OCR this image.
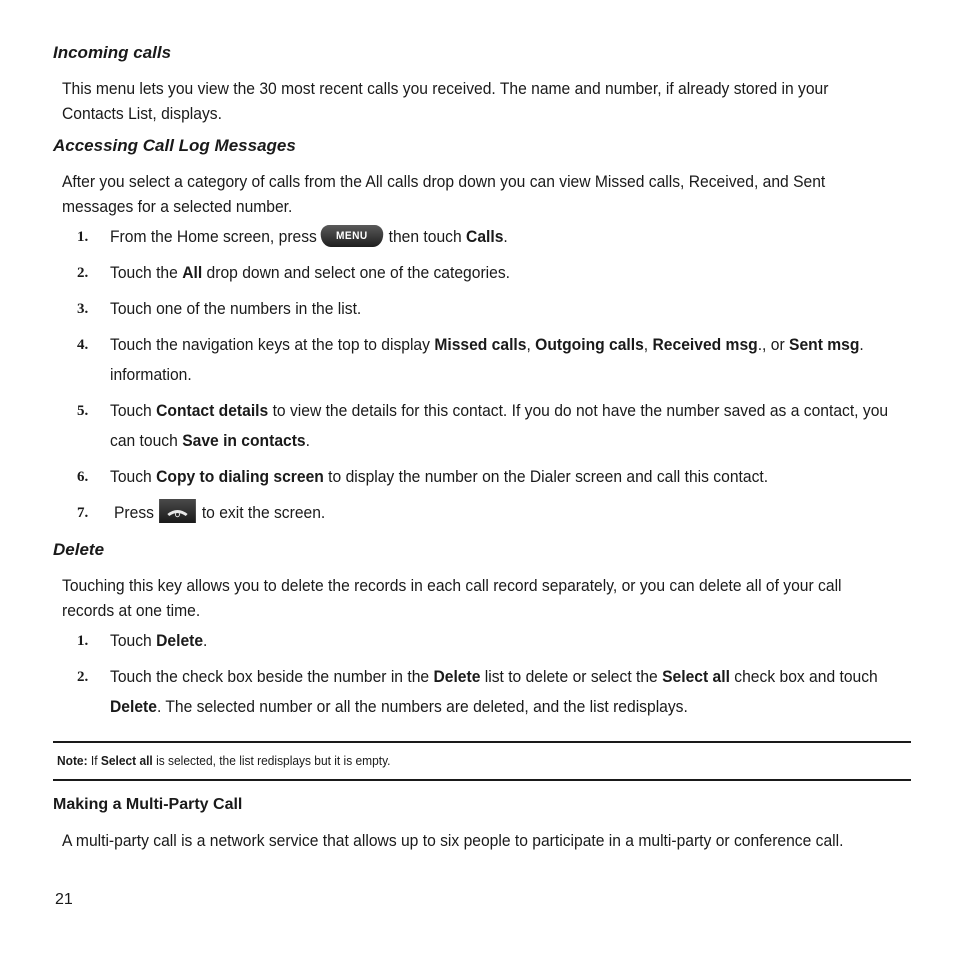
Incoming calls
This menu lets you view the 30 most recent calls you received. The name and number, if already stored in your Contacts List, displays.
Accessing Call Log Messages
After you select a category of calls from the All calls drop down you can view Missed calls, Received, and Sent messages for a selected number.
1. From the Home screen, press MENU then touch Calls.
2. Touch the All drop down and select one of the categories.
3. Touch one of the numbers in the list.
4. Touch the navigation keys at the top to display Missed calls, Outgoing calls, Received msg., or Sent msg.
information.
5. Touch Contact details to view the details for this contact. If you do not have the number saved as a contact, you can touch Save in contacts.
6. Touch Copy to dialing screen to display the number on the Dialer screen and call this contact.
7. Press	to exit the screen.
Delete
Touching this key allows you to delete the records in each call record separately, or you can delete all of your call records at one time.
1. Touch Delete.
2. Touch the check box beside the number in the Delete list to delete or select the Select all check box and touch Delete. The selected number or all the numbers are deleted, and the list redisplays.
Note: If Select all is selected, the list redisplays but it is empty.
Making a Multi-Party Call
A multi-party call is a network service that allows up to six people to participate in a multi-party or conference call.
21
